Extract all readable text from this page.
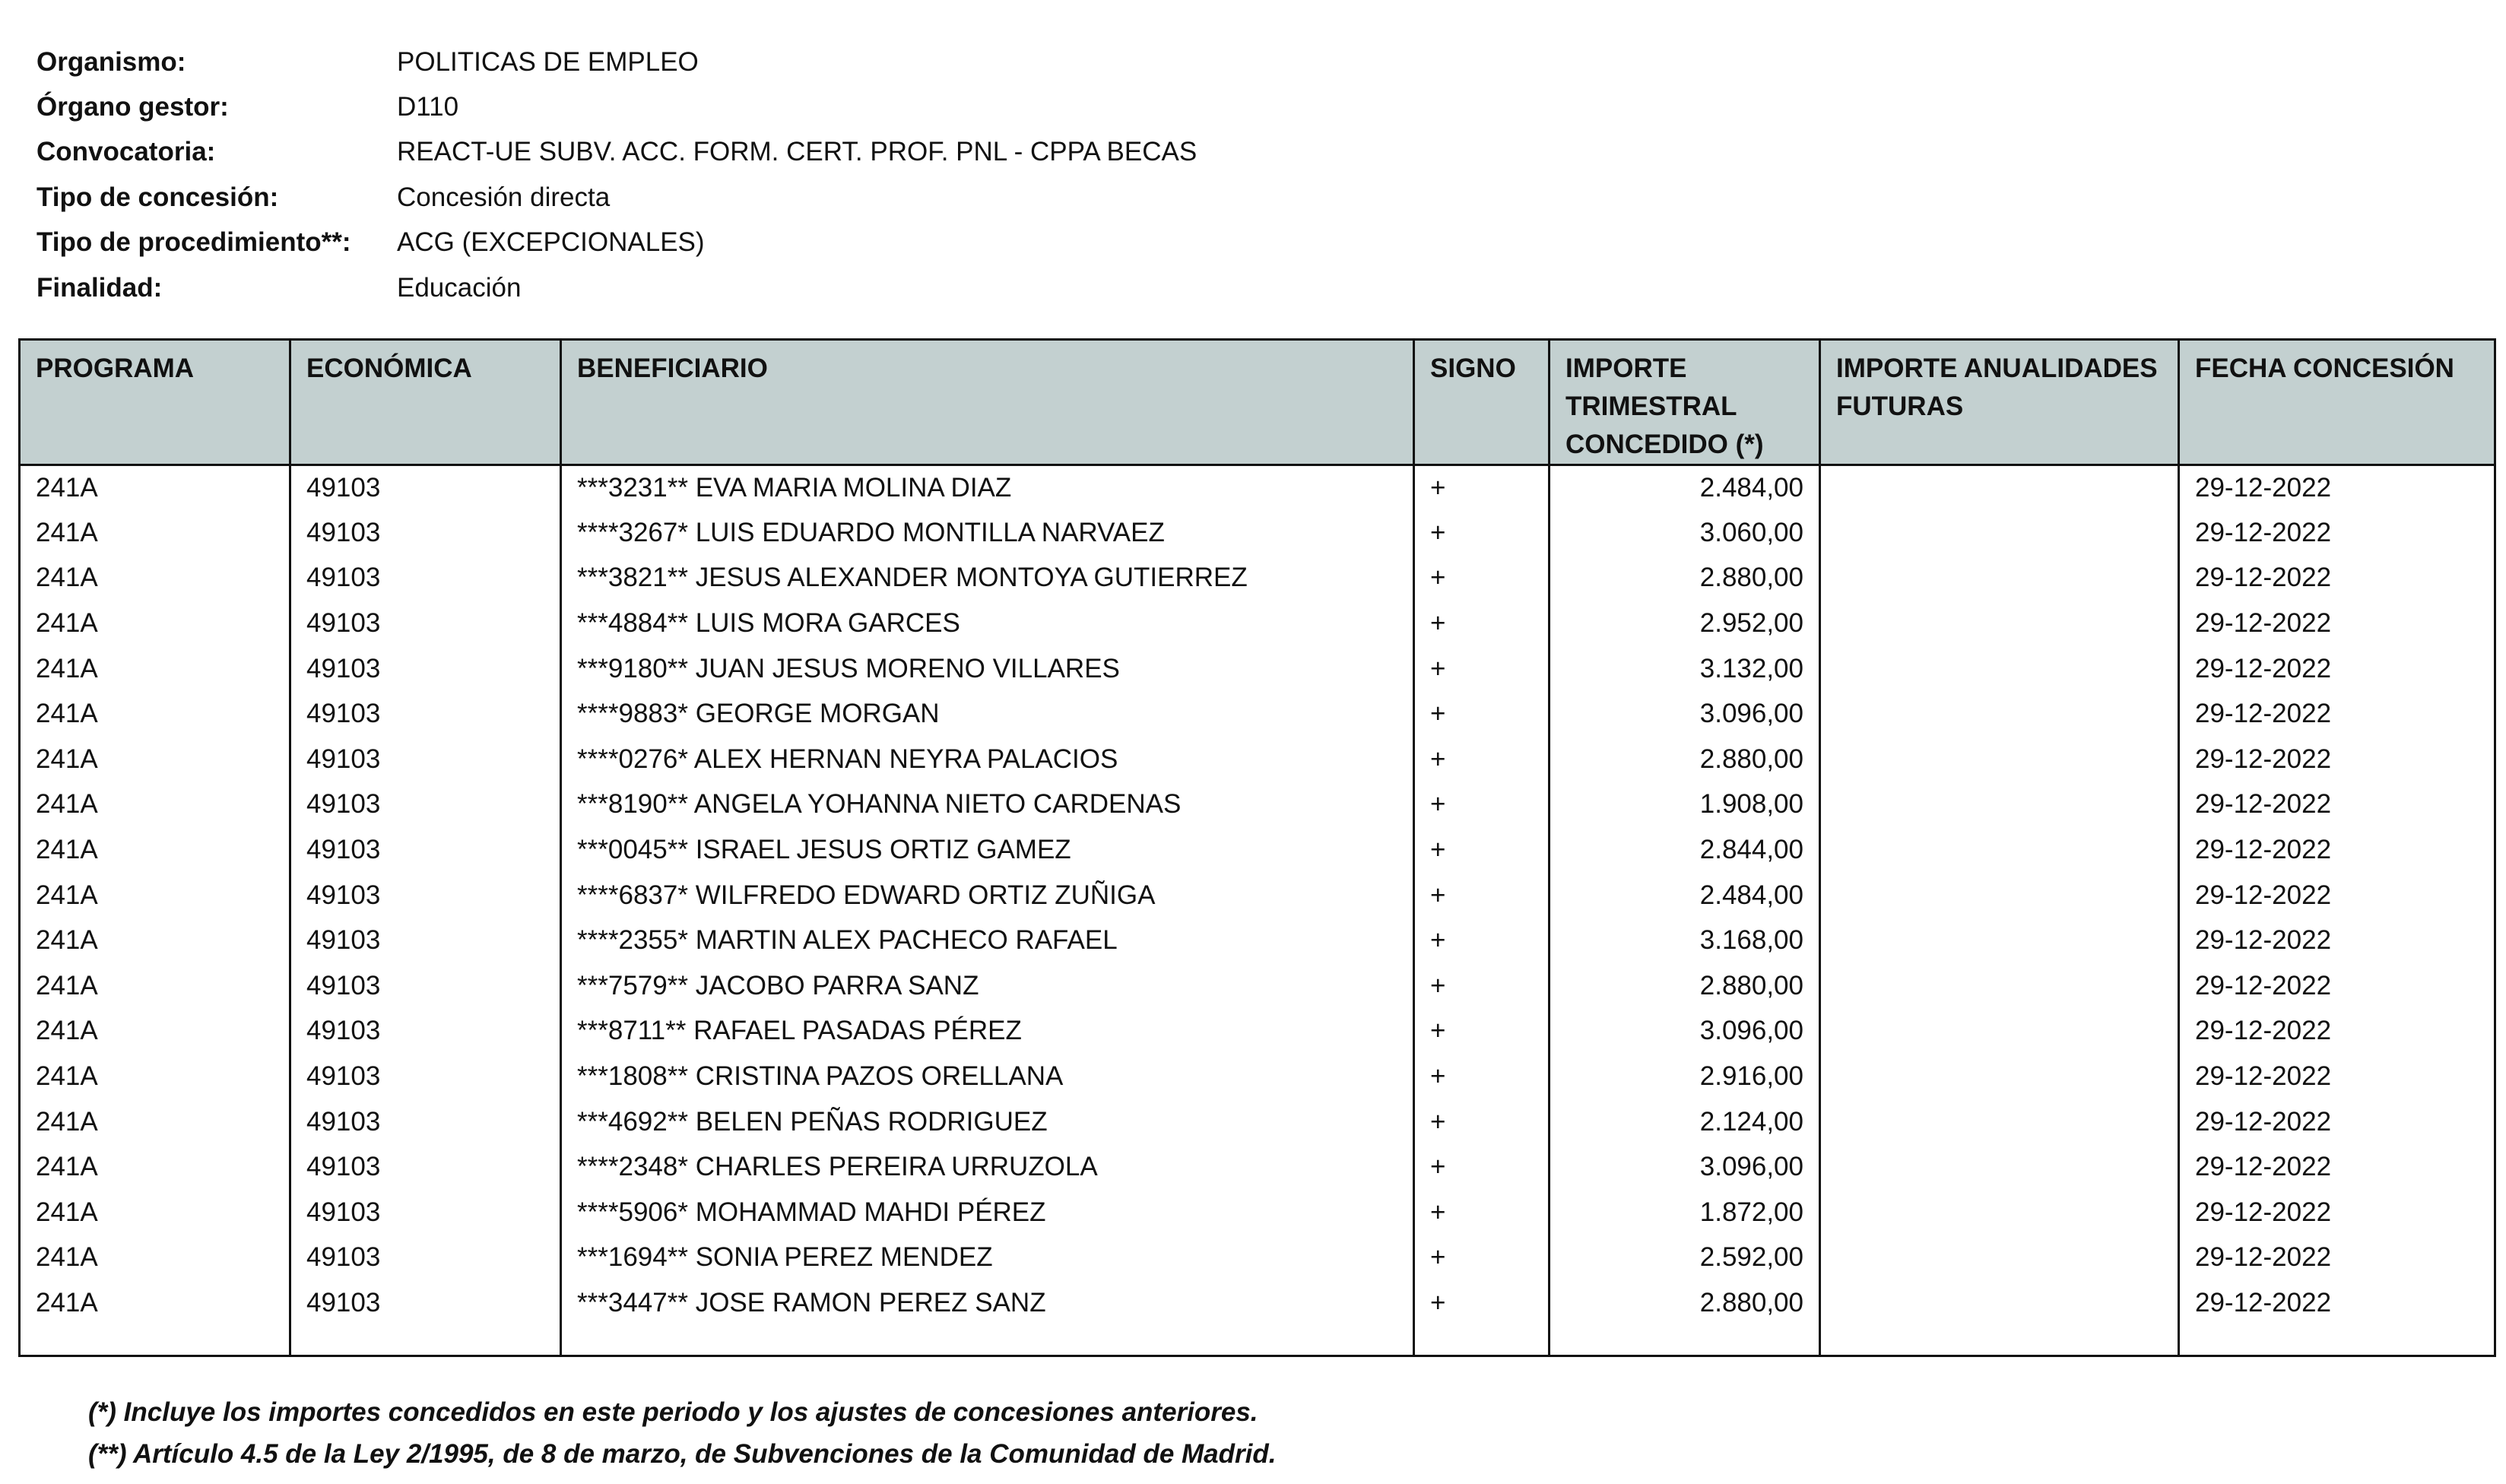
Organismo:	POLITICAS DE EMPLEO
Órgano gestor:	D110
Convocatoria:	REACT-UE SUBV. ACC. FORM. CERT. PROF. PNL - CPPA BECAS
Tipo de concesión:	Concesión directa
Tipo de procedimiento**:	ACG (EXCEPCIONALES)
Finalidad:	Educación
PROGRAMA	ECONÓMICA	BENEFICIARIO	SIGNO	IMPORTE TRIMESTRAL CONCEDIDO (*)	IMPORTE ANUALIDADES FUTURAS	FECHA CONCESIÓN
241A	49103	***3231** EVA MARIA MOLINA DIAZ	+	2.484,00		29-12-2022
241A	49103	****3267* LUIS EDUARDO MONTILLA NARVAEZ	+	3.060,00		29-12-2022
241A	49103	***3821** JESUS ALEXANDER MONTOYA GUTIERREZ	+	2.880,00		29-12-2022
241A	49103	***4884** LUIS MORA GARCES	+	2.952,00		29-12-2022
241A	49103	***9180** JUAN JESUS MORENO VILLARES	+	3.132,00		29-12-2022
241A	49103	****9883* GEORGE MORGAN	+	3.096,00		29-12-2022
241A	49103	****0276* ALEX HERNAN NEYRA PALACIOS	+	2.880,00		29-12-2022
241A	49103	***8190** ANGELA YOHANNA NIETO CARDENAS	+	1.908,00		29-12-2022
241A	49103	***0045** ISRAEL JESUS ORTIZ GAMEZ	+	2.844,00		29-12-2022
241A	49103	****6837* WILFREDO EDWARD ORTIZ ZUÑIGA	+	2.484,00		29-12-2022
241A	49103	****2355* MARTIN ALEX PACHECO RAFAEL	+	3.168,00		29-12-2022
241A	49103	***7579** JACOBO PARRA SANZ	+	2.880,00		29-12-2022
241A	49103	***8711** RAFAEL PASADAS PÉREZ	+	3.096,00		29-12-2022
241A	49103	***1808** CRISTINA PAZOS ORELLANA	+	2.916,00		29-12-2022
241A	49103	***4692** BELEN PEÑAS RODRIGUEZ	+	2.124,00		29-12-2022
241A	49103	****2348* CHARLES PEREIRA URRUZOLA	+	3.096,00		29-12-2022
241A	49103	****5906* MOHAMMAD MAHDI PÉREZ	+	1.872,00		29-12-2022
241A	49103	***1694** SONIA PEREZ MENDEZ	+	2.592,00		29-12-2022
241A	49103	***3447** JOSE RAMON PEREZ SANZ	+	2.880,00		29-12-2022

(*) Incluye los importes concedidos en este periodo y los ajustes de concesiones anteriores.
(**) Artículo 4.5 de la Ley 2/1995, de 8 de marzo, de Subvenciones de la Comunidad de Madrid.
